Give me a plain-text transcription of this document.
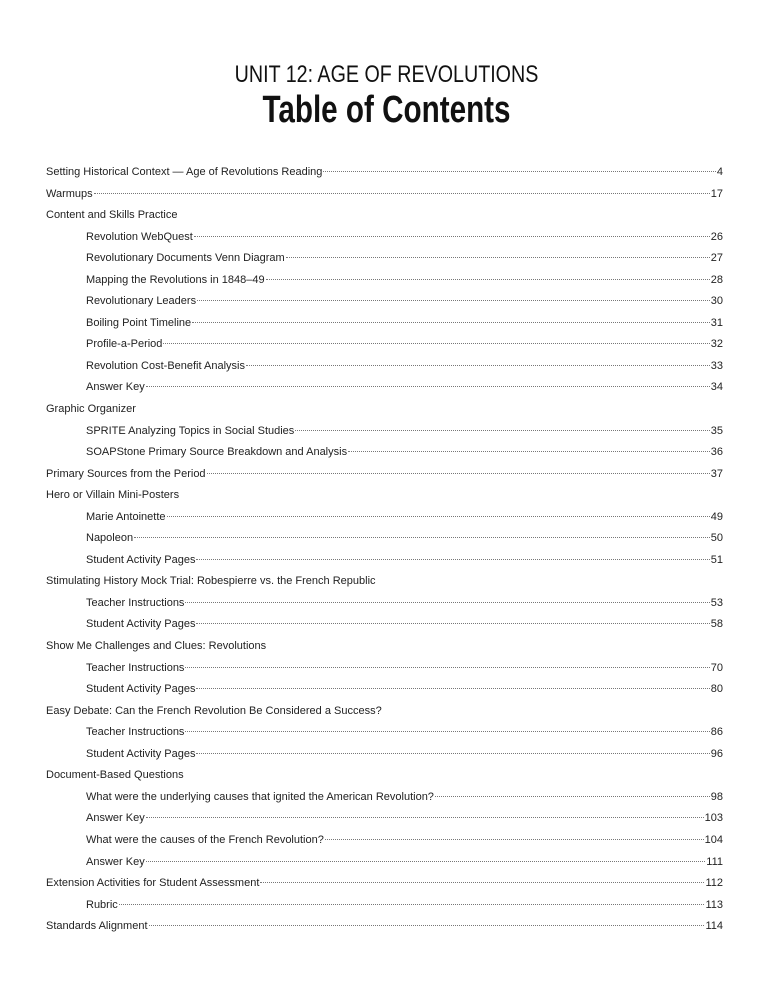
UNIT 12: AGE OF REVOLUTIONS
Table of Contents
Setting Historical Context — Age of Revolutions Reading	4
Warmups	17
Content and Skills Practice
Revolution WebQuest	26
Revolutionary Documents Venn Diagram	27
Mapping the Revolutions in 1848–49	28
Revolutionary Leaders	30
Boiling Point Timeline	31
Profile-a-Period	32
Revolution Cost-Benefit Analysis	33
Answer Key	34
Graphic Organizer
SPRITE Analyzing Topics in Social Studies	35
SOAPStone Primary Source Breakdown and Analysis	36
Primary Sources from the Period	37
Hero or Villain Mini-Posters
Marie Antoinette	49
Napoleon	50
Student Activity Pages	51
Stimulating History Mock Trial: Robespierre vs. the French Republic
Teacher Instructions	53
Student Activity Pages	58
Show Me Challenges and Clues: Revolutions
Teacher Instructions	70
Student Activity Pages	80
Easy Debate: Can the French Revolution Be Considered a Success?
Teacher Instructions	86
Student Activity Pages	96
Document-Based Questions
What were the underlying causes that ignited the American Revolution?	98
Answer Key	103
What were the causes of the French Revolution?	104
Answer Key	111
Extension Activities for Student Assessment	112
Rubric	113
Standards Alignment	114
